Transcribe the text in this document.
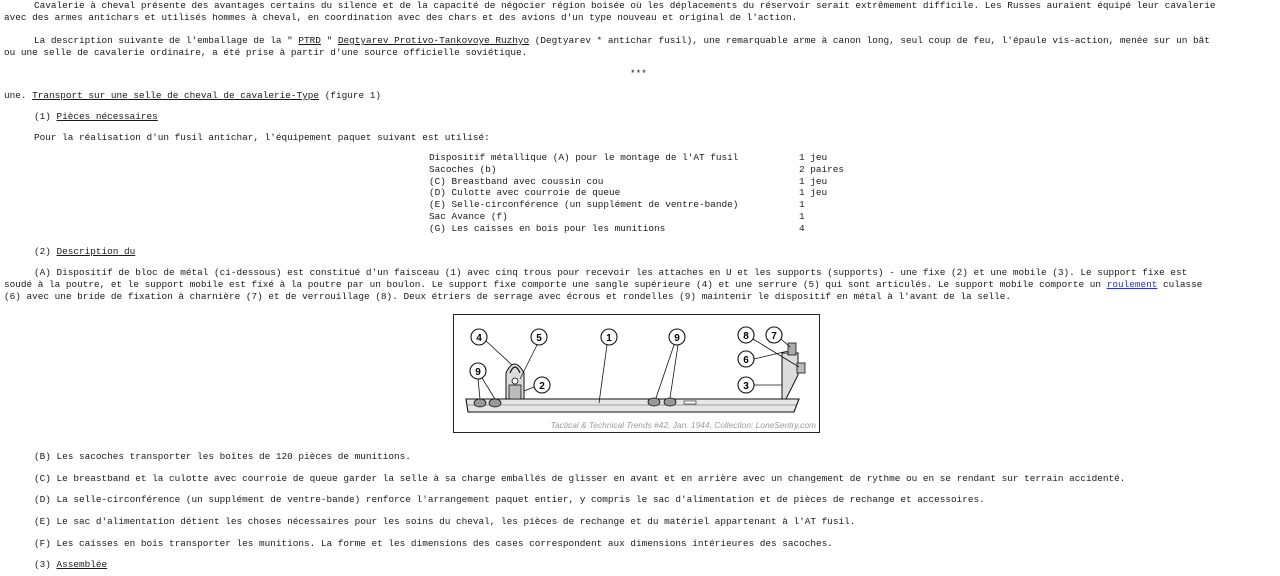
Cavalerie à cheval présente des avantages certains du silence et de la capacité de négocier région boisée où les déplacements du réservoir serait extrêmement difficile. Les Russes auraient équipé leur cavalerie
avec des armes antichars et utilisés hommes à cheval, en coordination avec des chars et des avions d'un type nouveau et original de l'action.
La description suivante de l'emballage de la " PTRD " Degtyarev Protivo-Tankovoye Ruzhyo (Degtyarev * antichar fusil), une remarquable arme à canon long, seul coup de feu, l'épaule vis-action, menée sur un bât
ou une selle de cavalerie ordinaire, a été prise à partir d'une source officielle soviétique.
***
une. Transport sur une selle de cheval de cavalerie-Type (figure 1)
(1) Pièces nécessaires
Pour la réalisation d'un fusil antichar, l'équipement paquet suivant est utilisé:
Dispositif métallique (A) pour le montage de l'AT fusil	1 jeu
Sacoches (b)	2 paires
(C) Breastband avec coussin cou	1 jeu
(D) Culotte avec courroie de queue	1 jeu
(E) Selle-circonférence (un supplément de ventre-bande)	1
Sac Avance (f)	1
(G) Les caisses en bois pour les munitions	4
(2) Description du
(A) Dispositif de bloc de métal (ci-dessous) est constitué d'un faisceau (1) avec cinq trous pour recevoir les attaches en U et les supports (supports) - une fixe (2) et une mobile (3). Le support fixe est
soudé à la poutre, et le support mobile est fixé à la poutre par un boulon. Le support fixe comporte une sangle supérieure (4) et une serrure (5) qui sont articulés. Le support mobile comporte un roulement culasse
(6) avec une bride de fixation à charnière (7) et de verrouillage (8). Deux étriers de serrage avec écrous et rondelles (9) maintenir le dispositif en métal à l'avant de la selle.
4	5	1	9	8 7
6
9
2	3
Tactical & Technical Trends #42, Jan. 1944, Collection: LoneSentry.com
(B) Les sacoches transporter les boîtes de 120 pièces de munitions.
(C) Le breastband et la culotte avec courroie de queue garder la selle à sa charge emballés de glisser en avant et en arrière avec un changement de rythme ou en se rendant sur terrain accidenté.
(D) La selle-circonférence (un supplément de ventre-bande) renforce l'arrangement paquet entier, y compris le sac d'alimentation et de pièces de rechange et accessoires.
(E) Le sac d'alimentation détient les choses nécessaires pour les soins du cheval, les pièces de rechange et du matériel appartenant à l'AT fusil.
(F) Les caisses en bois transporter les munitions. La forme et les dimensions des cases correspondent aux dimensions intérieures des sacoches.
(3) Assemblée
